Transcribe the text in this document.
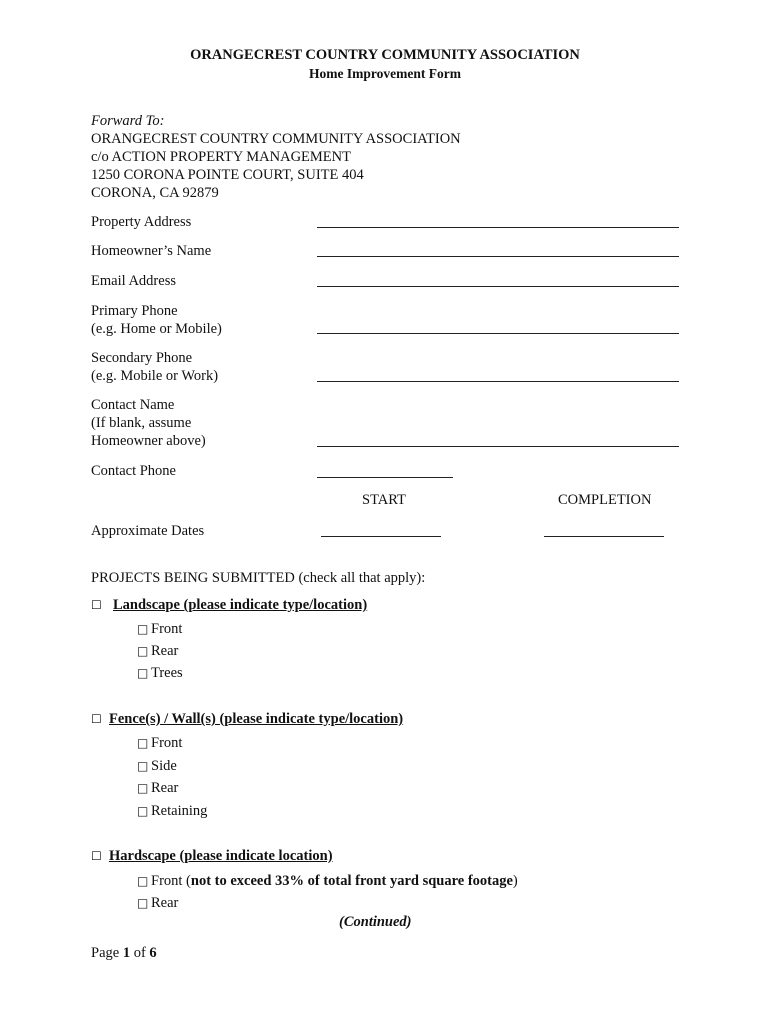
ORANGECREST COUNTRY COMMUNITY ASSOCIATION
Home Improvement Form
Forward To:
ORANGECREST COUNTRY COMMUNITY ASSOCIATION
c/o ACTION PROPERTY MANAGEMENT
1250 CORONA POINTE COURT, SUITE 404
CORONA, CA 92879
Property Address
Homeowner’s Name
Email Address
Primary Phone
(e.g. Home or Mobile)
Secondary Phone
(e.g. Mobile or Work)
Contact Name
(If blank, assume
Homeowner above)
Contact Phone
START	COMPLETION
Approximate Dates
PROJECTS BEING SUBMITTED (check all that apply):
☐ Landscape (please indicate type/location)
□ Front
□ Rear
□ Trees
☐ Fence(s) / Wall(s) (please indicate type/location)
□ Front
□ Side
□ Rear
□ Retaining
☐ Hardscape (please indicate location)
□ Front (not to exceed 33% of total front yard square footage)
□ Rear
(Continued)
Page 1 of 6
